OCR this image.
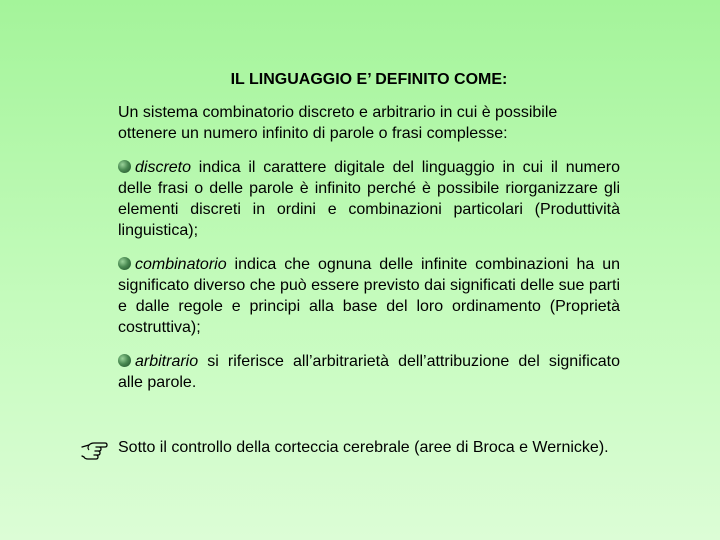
IL LINGUAGGIO E’ DEFINITO COME:
Un sistema combinatorio discreto e arbitrario in cui è possibile ottenere un numero infinito di parole o frasi complesse:
discreto indica il carattere digitale del linguaggio in cui il numero delle frasi o delle parole è infinito perché è possibile riorganizzare gli elementi discreti in ordini e combinazioni particolari (Produttività linguistica);
combinatorio indica che ognuna delle infinite combinazioni ha un significato diverso che può essere previsto dai significati delle sue parti e dalle regole e principi alla base del loro ordinamento (Proprietà costruttiva);
arbitrario si riferisce all’arbitrarietà dell’attribuzione del significato alle parole.
Sotto il controllo della corteccia cerebrale (aree di Broca e Wernicke).
